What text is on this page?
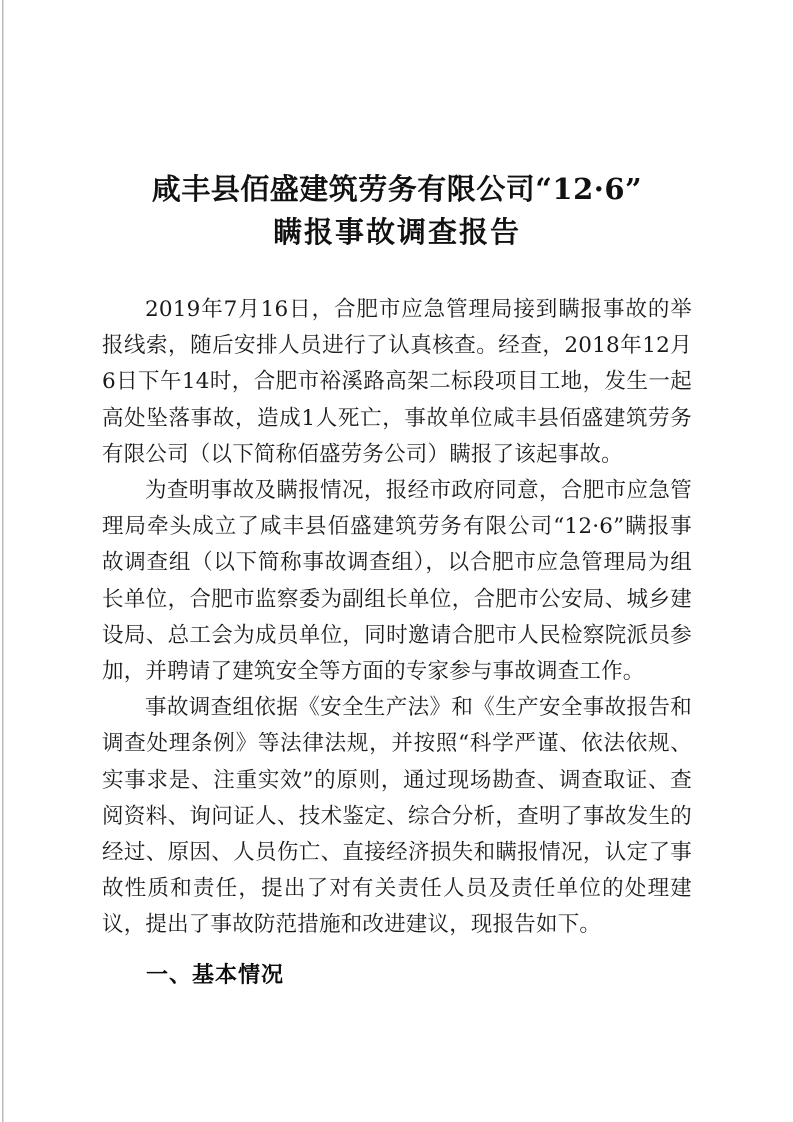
咸丰县佰盛建筑劳务有限公司“12·6”
瞒报事故调查报告

2019年7月16日，合肥市应急管理局接到瞒报事故的举报线索，随后安排人员进行了认真核查。经查，2018年12月6日下午14时，合肥市裕溪路高架二标段项目工地，发生一起高处坠落事故，造成1人死亡，事故单位咸丰县佰盛建筑劳务有限公司（以下简称佰盛劳务公司）瞒报了该起事故。

为查明事故及瞒报情况，报经市政府同意，合肥市应急管理局牵头成立了咸丰县佰盛建筑劳务有限公司“12·6”瞒报事故调查组（以下简称事故调查组），以合肥市应急管理局为组长单位，合肥市监察委为副组长单位，合肥市公安局、城乡建设局、总工会为成员单位，同时邀请合肥市人民检察院派员参加，并聘请了建筑安全等方面的专家参与事故调查工作。

事故调查组依据《安全生产法》和《生产安全事故报告和调查处理条例》等法律法规，并按照“科学严谨、依法依规、实事求是、注重实效”的原则，通过现场勘查、调查取证、查阅资料、询问证人、技术鉴定、综合分析，查明了事故发生的经过、原因、人员伤亡、直接经济损失和瞒报情况，认定了事故性质和责任，提出了对有关责任人员及责任单位的处理建议，提出了事故防范措施和改进建议，现报告如下。

一、基本情况
